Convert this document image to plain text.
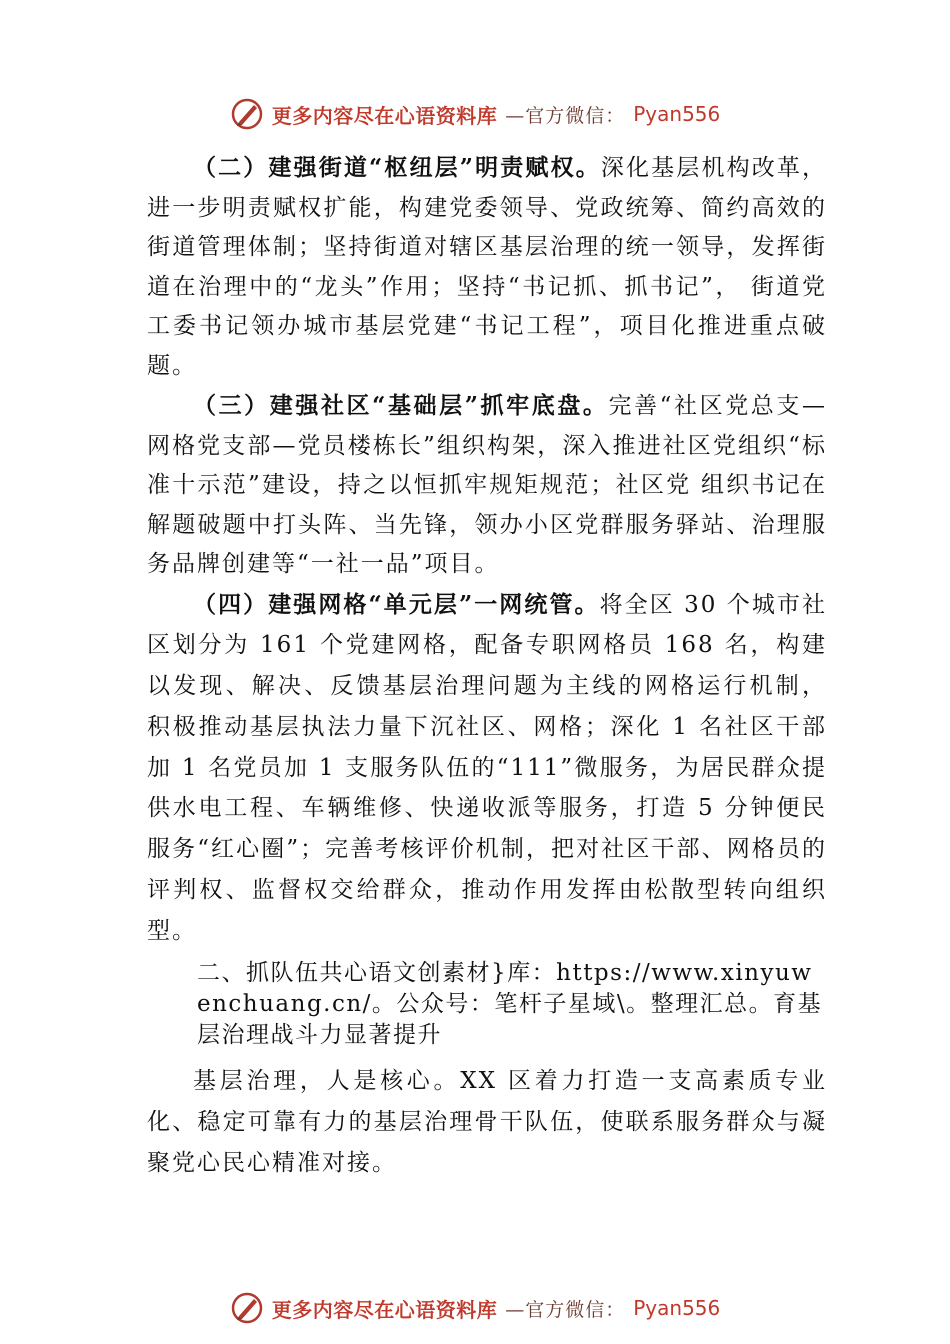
更多内容尽在心语资料库 —官方微信： Pyan556

（二）建强街道“枢纽层”明责赋权。深化基层机构改革，进一步明责赋权扩能，构建党委领导、党政统筹、简约高效的街道管理体制；坚持街道对辖区基层治理的统一领导，发挥街道在治理中的“龙头”作用；坚持“书记抓、抓书记”， 街道党工委书记领办城市基层党建“书记工程”，项目化推进重点破题。

（三）建强社区“基础层”抓牢底盘。完善“社区党总支—网格党支部—党员楼栋长”组织构架，深入推进社区党组织“标准十示范”建设，持之以恒抓牢规矩规范；社区党 组织书记在解题破题中打头阵、当先锋，领办小区党群服务驿站、治理服务品牌创建等“一社一品”项目。

（四）建强网格“单元层”一网统管。将全区 30 个城市社区划分为 161 个党建网格，配备专职网格员 168 名，构建以发现、解决、反馈基层治理问题为主线的网格运行机制， 积极推动基层执法力量下沉社区、网格；深化 1 名社区干部加 1 名党员加 1 支服务队伍的“111”微服务，为居民群众提供水电工程、车辆维修、快递收派等服务，打造 5 分钟便民服务“红心圈”；完善考核评价机制，把对社区干部、网格员的评判权、监督权交给群众，推动作用发挥由松散型转向组织型。

二、抓队伍共心语文创素材}库：https://www.xinyuwenchuang.cn/。公众号：笔杆子星域\。整理汇总。育基层治理战斗力显著提升

基层治理，人是核心。XX 区着力打造一支高素质专业化、稳定可靠有力的基层治理骨干队伍，使联系服务群众与凝聚党心民心精准对接。

更多内容尽在心语资料库 —官方微信： Pyan556
